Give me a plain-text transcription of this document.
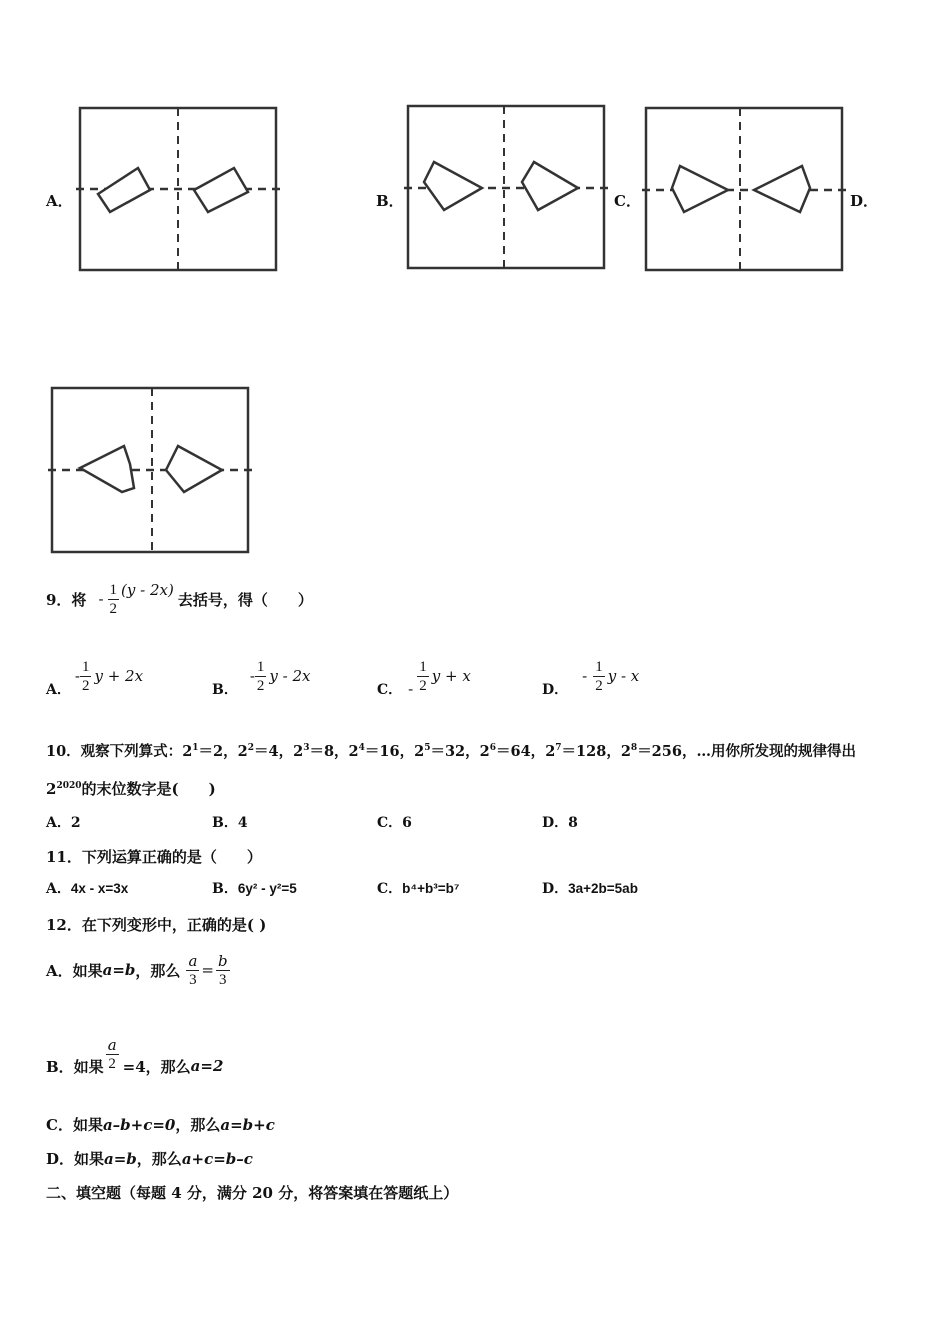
A．	B．	C．	D．
9．将 - $\frac{1}{2} (y - 2x)$
去括号，得（　　）
A．
- $\frac{1}{2}$ y + 2x
B．
- $\frac{1}{2}$ y - 2x
C． - $\frac{1}{2}$ y + x
D．
- $\frac{1}{2}$ y - x
10．观察下列算式：$2^1=2$，$2^2=4$，$2^3=8$，$2^4=16$，$2^5=32$，$2^6=64$，$2^7=128$，$2^8=256$，…用你所发现的规律得出
$2^{2020}$的末位数字是(　　)
A．2	B．4	C．6	D．8
11．下列运算正确的是（　　）
A．4x - x=3x	B．6y² - y²=5	C．b⁴+b³=b⁷	D．3a+2b=5ab
12．在下列变形中，正确的是( )
A．如果 a=b ，那么 $\frac{a}{3} = \frac{b}{3}$
B．如果 $\frac{a}{2} =4$，那么 a=2
C．如果a–b+c=0，那么a=b+c
D．如果a=b，那么a+c=b–c
二、填空题（每题 4 分，满分 20 分，将答案填在答题纸上）
